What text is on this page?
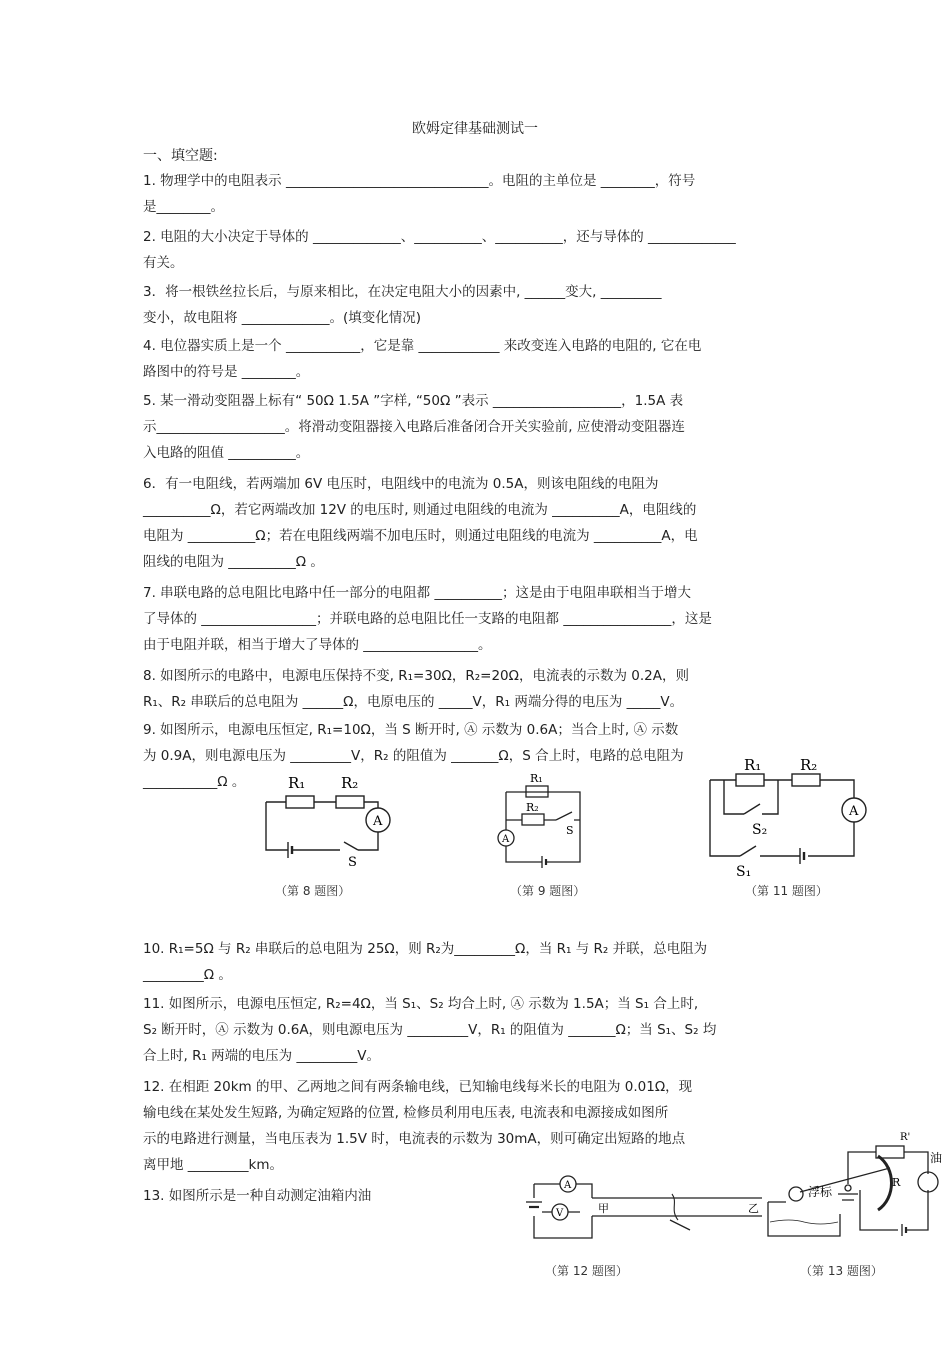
欧姆定律基础测试一
一、填空题:

1. 物理学中的电阻表示 ______________________________。电阻的主单位是 ________，符号

是________。

2. 电阻的大小决定于导体的 _____________、__________、__________，还与导体的 _____________

有关。

3．将一根铁丝拉长后，与原来相比，在决定电阻大小的因素中, ______变大, _________

变小，故电阻将 _____________。(填变化情况)

4. 电位器实质上是一个 ___________，它是靠 ____________ 来改变连入电路的电阻的, 它在电

路图中的符号是 ________。

5. 某一滑动变阻器上标有“ 50Ω 1.5A ”字样, “50Ω ”表示 ___________________，1.5A 表

示___________________。将滑动变阻器接入电路后准备闭合开关实验前, 应使滑动变阻器连

入电路的阻值 __________。

6．有一电阻线，若两端加 6V 电压时，电阻线中的电流为 0.5A，则该电阻线的电阻为

__________Ω，若它两端改加 12V 的电压时, 则通过电阻线的电流为 __________A，电阻线的

电阻为 __________Ω；若在电阻线两端不加电压时，则通过电阻线的电流为 __________A，电

阻线的电阻为 __________Ω 。

7. 串联电路的总电阻比电路中任一部分的电阻都 __________；这是由于电阻串联相当于增大

了导体的 _________________；并联电路的总电阻比任一支路的电阻都 ________________，这是

由于电阻并联，相当于增大了导体的 _________________。

8. 如图所示的电路中，电源电压保持不变, R₁=30Ω，R₂=20Ω，电流表的示数为 0.2A，则

R₁、R₂ 串联后的总电阻为 ______Ω，电原电压的 _____V，R₁ 两端分得的电压为 _____V。

9. 如图所示，电源电压恒定, R₁=10Ω，当 S 断开时, Ⓐ 示数为 0.6A；当合上时, Ⓐ 示数

为 0.9A，则电源电压为 _________V，R₂ 的阻值为 _______Ω，S 合上时，电路的总电阻为

___________Ω 。	R₁ R₂
A
S
（第 8 题图）
R₁
R₂
A
S
（第 9 题图）
R₁	R₂
A
S₂
S₁
（第 11 题图）

10. R₁=5Ω 与 R₂ 串联后的总电阻为 25Ω，则 R₂为_________Ω，当 R₁ 与 R₂ 并联，总电阻为

_________Ω 。

11. 如图所示，电源电压恒定, R₂=4Ω，当 S₁、S₂ 均合上时, Ⓐ 示数为 1.5A；当 S₁ 合上时,

S₂ 断开时，Ⓐ 示数为 0.6A，则电源电压为 _________V，R₁ 的阻值为 _______Ω；当 S₁、S₂ 均

合上时, R₁ 两端的电压为 _________V。

12. 在相距 20km 的甲、乙两地之间有两条输电线，已知输电线每米长的电阻为 0.01Ω，现

输电线在某处发生短路, 为确定短路的位置, 检修员利用电压表, 电流表和电源接成如图所

示的电路进行测量，当电压表为 1.5V 时，电流表的示数为 30mA，则可确定出短路的地点

离甲地 _________km。

13. 如图所示是一种自动测定油箱内油

A
V	甲	乙
（第 12 题图）
R'
R
浮标
油
（第 13 题图）
